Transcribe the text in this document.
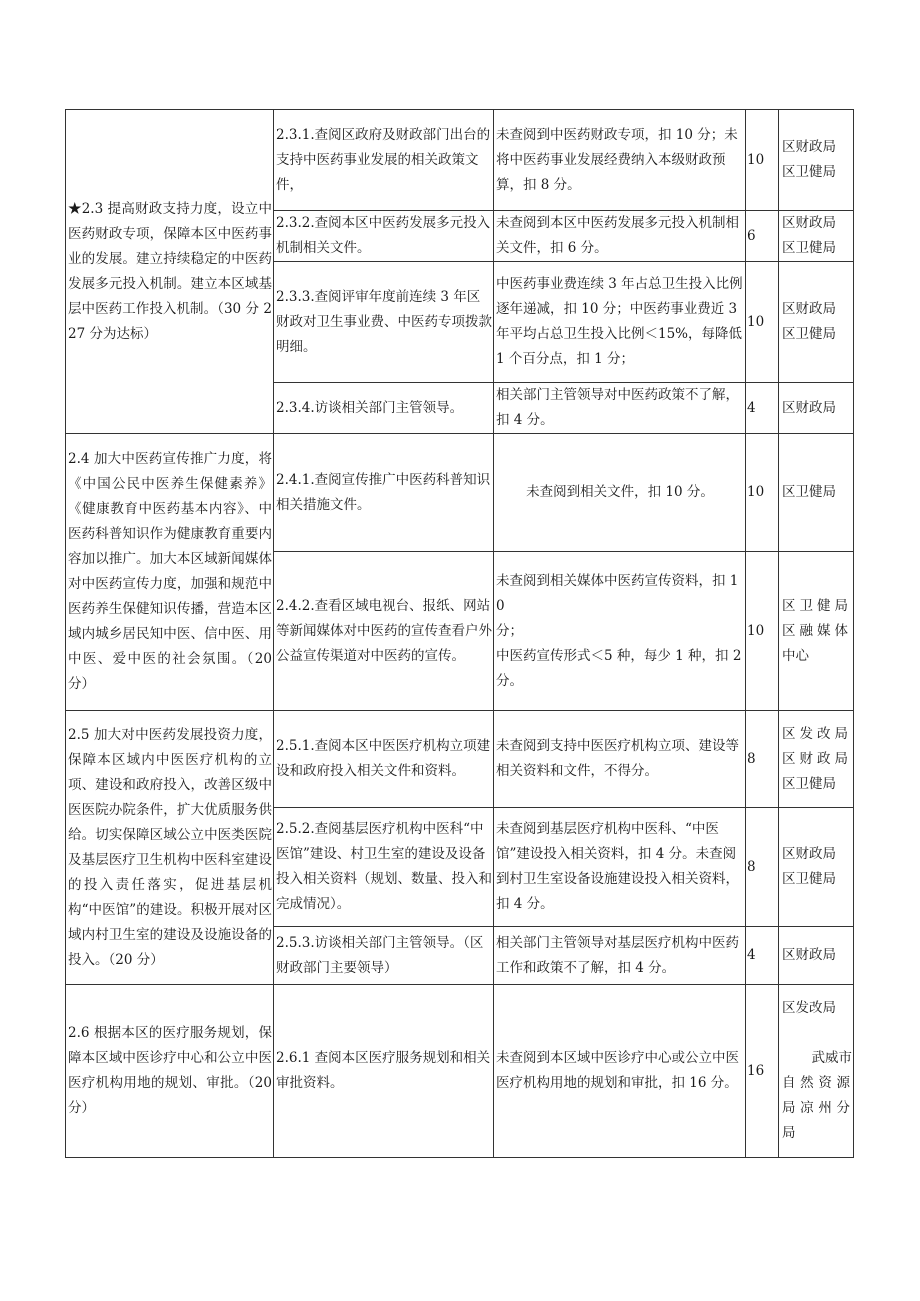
★2.3 提高财政支持力度，设立中医药财政专项，保障本区中医药事业的发展。建立持续稳定的中医药发展多元投入机制。建立本区域基层中医药工作投入机制。（30 分 227 分为达标）	2.3.1.查阅区政府及财政部门出台的支持中医药事业发展的相关政策文件，	未查阅到中医药财政专项，扣 10 分；未将中医药事业发展经费纳入本级财政预算，扣 8 分。	10	区财政局
区卫健局

	2.3.2.查阅本区中医药发展多元投入机制相关文件。	未查阅到本区中医药发展多元投入机制相关文件，扣 6 分。	6	区财政局
区卫健局

	2.3.3.查阅评审年度前连续 3 年区财政对卫生事业费、中医药专项拨款明细。	中医药事业费连续 3 年占总卫生投入比例逐年递减，扣 10 分；中医药事业费近 3 年平均占总卫生投入比例＜15%，每降低 1 个百分点，扣 1 分；	10	区财政局
区卫健局

	2.3.4.访谈相关部门主管领导。	相关部门主管领导对中医药政策不了解，扣 4 分。	4	区财政局

2.4 加大中医药宣传推广力度，将《中国公民中医养生保健素养》《健康教育中医药基本内容》、中医药科普知识作为健康教育重要内容加以推广。加大本区域新闻媒体对中医药宣传力度，加强和规范中医药养生保健知识传播，营造本区域内城乡居民知中医、信中医、用中医、爱中医的社会氛围。（20 分）	2.4.1.查阅宣传推广中医药科普知识相关措施文件。	未查阅到相关文件，扣 10 分。	10	区卫健局

	2.4.2.查看区域电视台、报纸、网站等新闻媒体对中医药的宣传查看户外公益宣传渠道对中医药的宣传。	未查阅到相关媒体中医药宣传资料，扣 10
分；
中医药宣传形式＜5 种，每少 1 种，扣 2 分。	10	区卫健局
区融媒体
中心

2.5 加大对中医药发展投资力度，保障本区域内中医医疗机构的立项、建设和政府投入，改善区级中医医院办院条件，扩大优质服务供给。切实保障区域公立中医类医院及基层医疗卫生机构中医科室建设的投入责任落实，促进基层机构“中医馆”的建设。积极开展对区域内村卫生室的建设及设施设备的投入。（20 分）	2.5.1.查阅本区中医医疗机构立项建设和政府投入相关文件和资料。	未查阅到支持中医医疗机构立项、建设等相关资料和文件，不得分。	8	区发改局
区财政局
区卫健局

	2.5.2.查阅基层医疗机构中医科“中医馆”建设、村卫生室的建设及设备投入相关资料（规划、数量、投入和完成情况）。	未查阅到基层医疗机构中医科、“中医馆”建设投入相关资料，扣 4 分。未查阅到村卫生室设备设施建设投入相关资料，扣 4 分。	8	区财政局
区卫健局

	2.5.3.访谈相关部门主管领导。（区财政部门主要领导）	相关部门主管领导对基层医疗机构中医药工作和政策不了解，扣 4 分。	4	区财政局

2.6 根据本区的医疗服务规划，保障本区域中医诊疗中心和公立中医医疗机构用地的规划、审批。（20 分）	2.6.1 查阅本区医疗服务规划和相关审批资料。	未查阅到本区域中医诊疗中心或公立中医医疗机构用地的规划和审批，扣 16 分。	16	区发改局

武威市
自然资源
局凉州分
局
